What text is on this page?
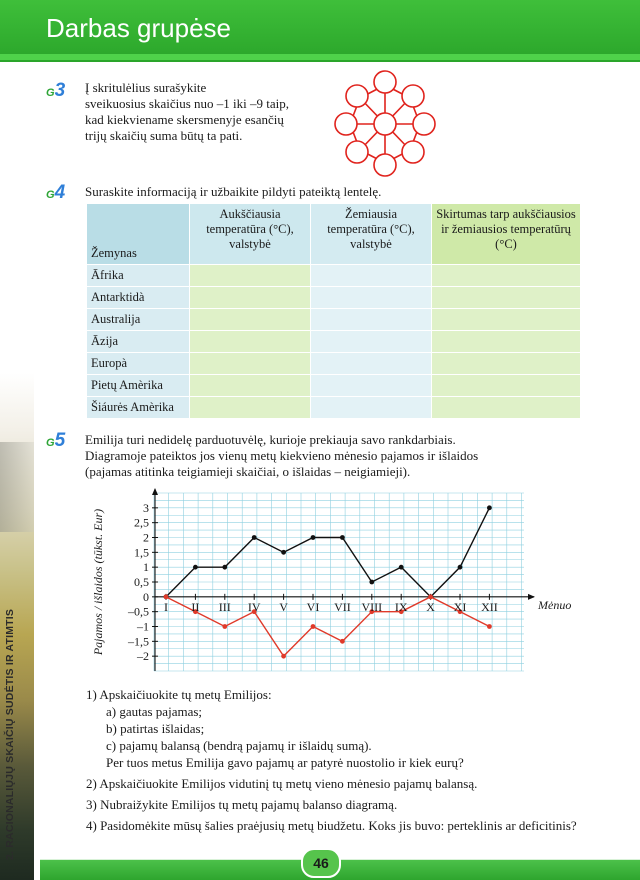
Darbas grupėse
2. RACIONALIŲJŲ SKAIČIŲ SUDĖTIS IR ATIMTIS
G3 Į skritulėlius surašykite
sveikuosius skaičius nuo –1 iki –9 taip,
kad kiekviename skersmenyje esančių
trijų skaičių suma būtų ta pati.
G4 Suraskite informaciją ir užbaikite pildyti pateiktą lentelę.
Žemynas	Aukščiausia temperatūra (°C), valstybė	Žemiausia temperatūra (°C), valstybė	Skirtumas tarp aukščiausios ir žemiausios temperatūrų (°C)
Āfrika			
Antarktidà			
Australija			
Āzija			
Europà			
Pietų Amèrika			
Šiáurės Amèrika			
G5 Emilija turi nedidelę parduotuvėlę, kurioje prekiauja savo rankdarbiais.
Diagramoje pateiktos jos vienų metų kiekvieno mėnesio pajamos ir išlaidos
(pajamas atitinka teigiamieji skaičiai, o išlaidas – neigiamieji).
3
2,5
2
1,5
1
0,5
0
–0,5
–1
–1,5
–2
I II III IV V VI VII VIII IX X XI XII	Mėnuo
Pajamos / išlaidos (tūkst. Eur)
1) Apskaičiuokite tų metų Emilijos:
a) gautas pajamas;
b) patirtas išlaidas;
c) pajamų balansą (bendrą pajamų ir išlaidų sumą).
Per tuos metus Emilija gavo pajamų ar patyrė nuostolio ir kiek eurų?
2) Apskaičiuokite Emilijos vidutinį tų metų vieno mėnesio pajamų balansą.
3) Nubraižykite Emilijos tų metų pajamų balanso diagramą.
4) Pasidomėkite mūsų šalies praėjusių metų biudžetu. Koks jis buvo: perteklinis ar deficitinis?
46
